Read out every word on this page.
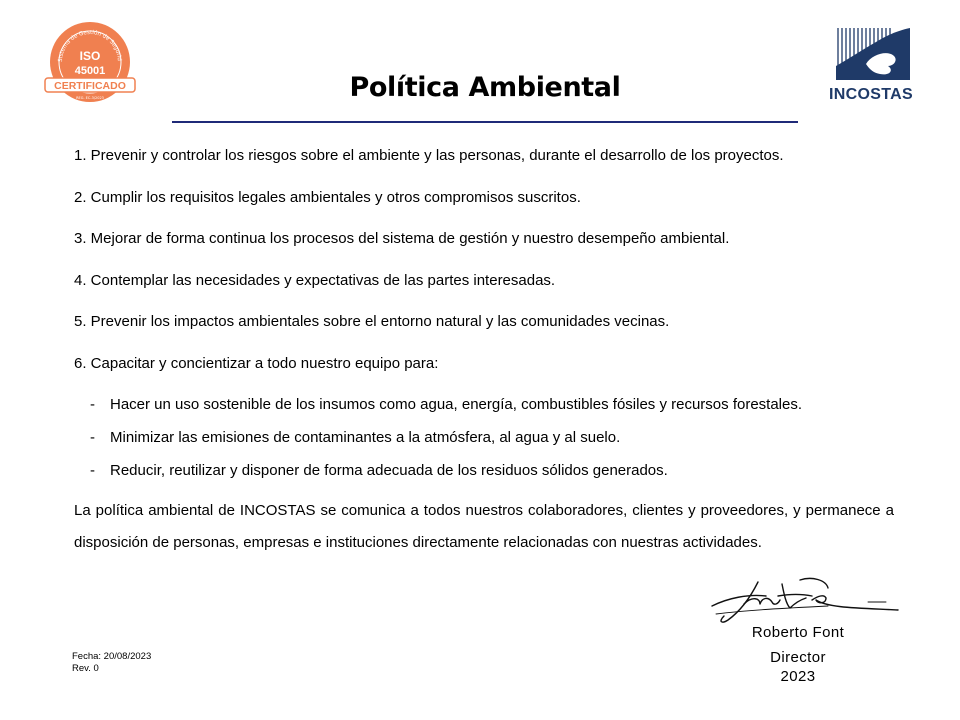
Sistema de Gestión de Segurid
ISO
45001
CERTIFICADO
REG. EC-3/2023	INCOSTAS
Política Ambiental

1. Prevenir y controlar los riesgos sobre el ambiente y las personas, durante el desarrollo de los proyectos.

2. Cumplir los requisitos legales ambientales y otros compromisos suscritos.

3. Mejorar de forma continua los procesos del sistema de gestión y nuestro desempeño ambiental.

4. Contemplar las necesidades y expectativas de las partes interesadas.

5. Prevenir los impactos ambientales sobre el entorno natural y las comunidades vecinas.

6. Capacitar y concientizar a todo nuestro equipo para:

- Hacer un uso sostenible de los insumos como agua, energía, combustibles fósiles y recursos forestales.

- Minimizar las emisiones de contaminantes a la atmósfera, al agua y al suelo.

- Reducir, reutilizar y disponer de forma adecuada de los residuos sólidos generados.

La política ambiental de INCOSTAS se comunica a todos nuestros colaboradores, clientes y proveedores, y permanece a disposición de personas, empresas e instituciones directamente relacionadas con nuestras actividades.

Fecha: 20/08/2023
Rev. 0
Roberto Font
Director
2023
